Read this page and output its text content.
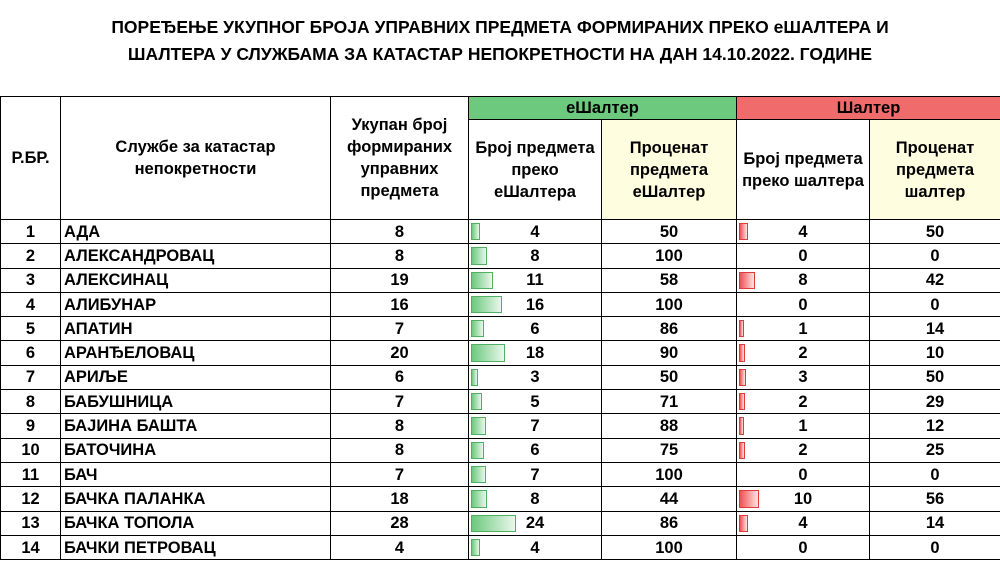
ПОРЕЂЕЊЕ УКУПНОГ БРОЈА УПРАВНИХ ПРЕДМЕТА ФОРМИРАНИХ ПРЕКО еШАЛТЕРА И
ШАЛТЕРА У СЛУЖБАМА ЗА КАТАСТАР НЕПОКРЕТНОСТИ НА ДАН 14.10.2022. ГОДИНЕ
Р.БР.	Службе за катастар непокретности	Укупан број формираних управних предмета	еШалтер		Шалтер	
			Број предмета преко еШалтера	Проценат предмета еШалтер	Број предмета преко шалтера	Проценат предмета шалтер
1	АДА	8	4	50	4	50
2	АЛЕКСАНДРОВАЦ	8	8	100	0	0
3	АЛЕКСИНАЦ	19	11	58	8	42
4	АЛИБУНАР	16	16	100	0	0
5	АПАТИН	7	6	86	1	14
6	АРАНЂЕЛОВАЦ	20	18	90	2	10
7	АРИЉЕ	6	3	50	3	50
8	БАБУШНИЦА	7	5	71	2	29
9	БАЈИНА БАШТА	8	7	88	1	12
10	БАТОЧИНА	8	6	75	2	25
11	БАЧ	7	7	100	0	0
12	БАЧКА ПАЛАНКА	18	8	44	10	56
13	БАЧКА ТОПОЛА	28	24	86	4	14
14	БАЧКИ ПЕТРОВАЦ	4	4	100	0	0
